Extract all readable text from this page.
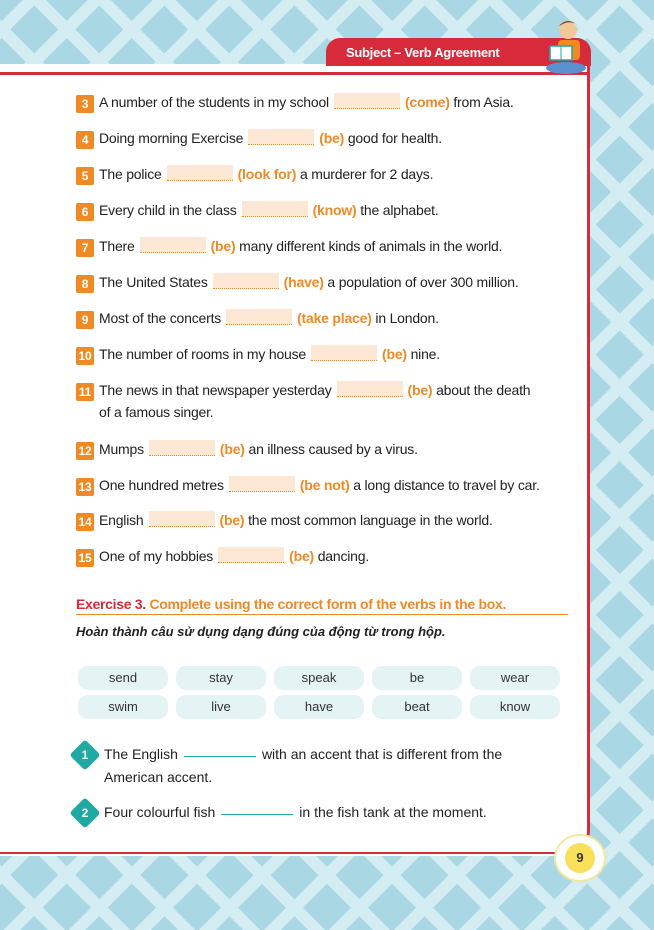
Subject – Verb Agreement
3 A number of the students in my school	(come) from Asia.
4 Doing morning Exercise	(be) good for health.
5 The police	(look for) a murderer for 2 days.
6 Every child in the class	(know) the alphabet.
7 There	(be) many different kinds of animals in the world.
8 The United States	(have) a population of over 300 million.
9 Most of the concerts	(take place) in London.
10 The number of rooms in my house	(be) nine.
11 The news in that newspaper yesterday	(be) about the death
of a famous singer.
12 Mumps	(be) an illness caused by a virus.
13 One hundred metres	(be not) a long distance to travel by car.
14 English	(be) the most common language in the world.
15 One of my hobbies	(be) dancing.
Exercise 3. Complete using the correct form of the verbs in the box.
Hoàn thành câu sử dụng dạng đúng của động từ trong hộp.
send	stay	speak	be	wear
swim	live	have	beat	know
1	The English	with an accent that is different from the
American accent.
2	Four colourful fish	in the fish tank at the moment.
9
